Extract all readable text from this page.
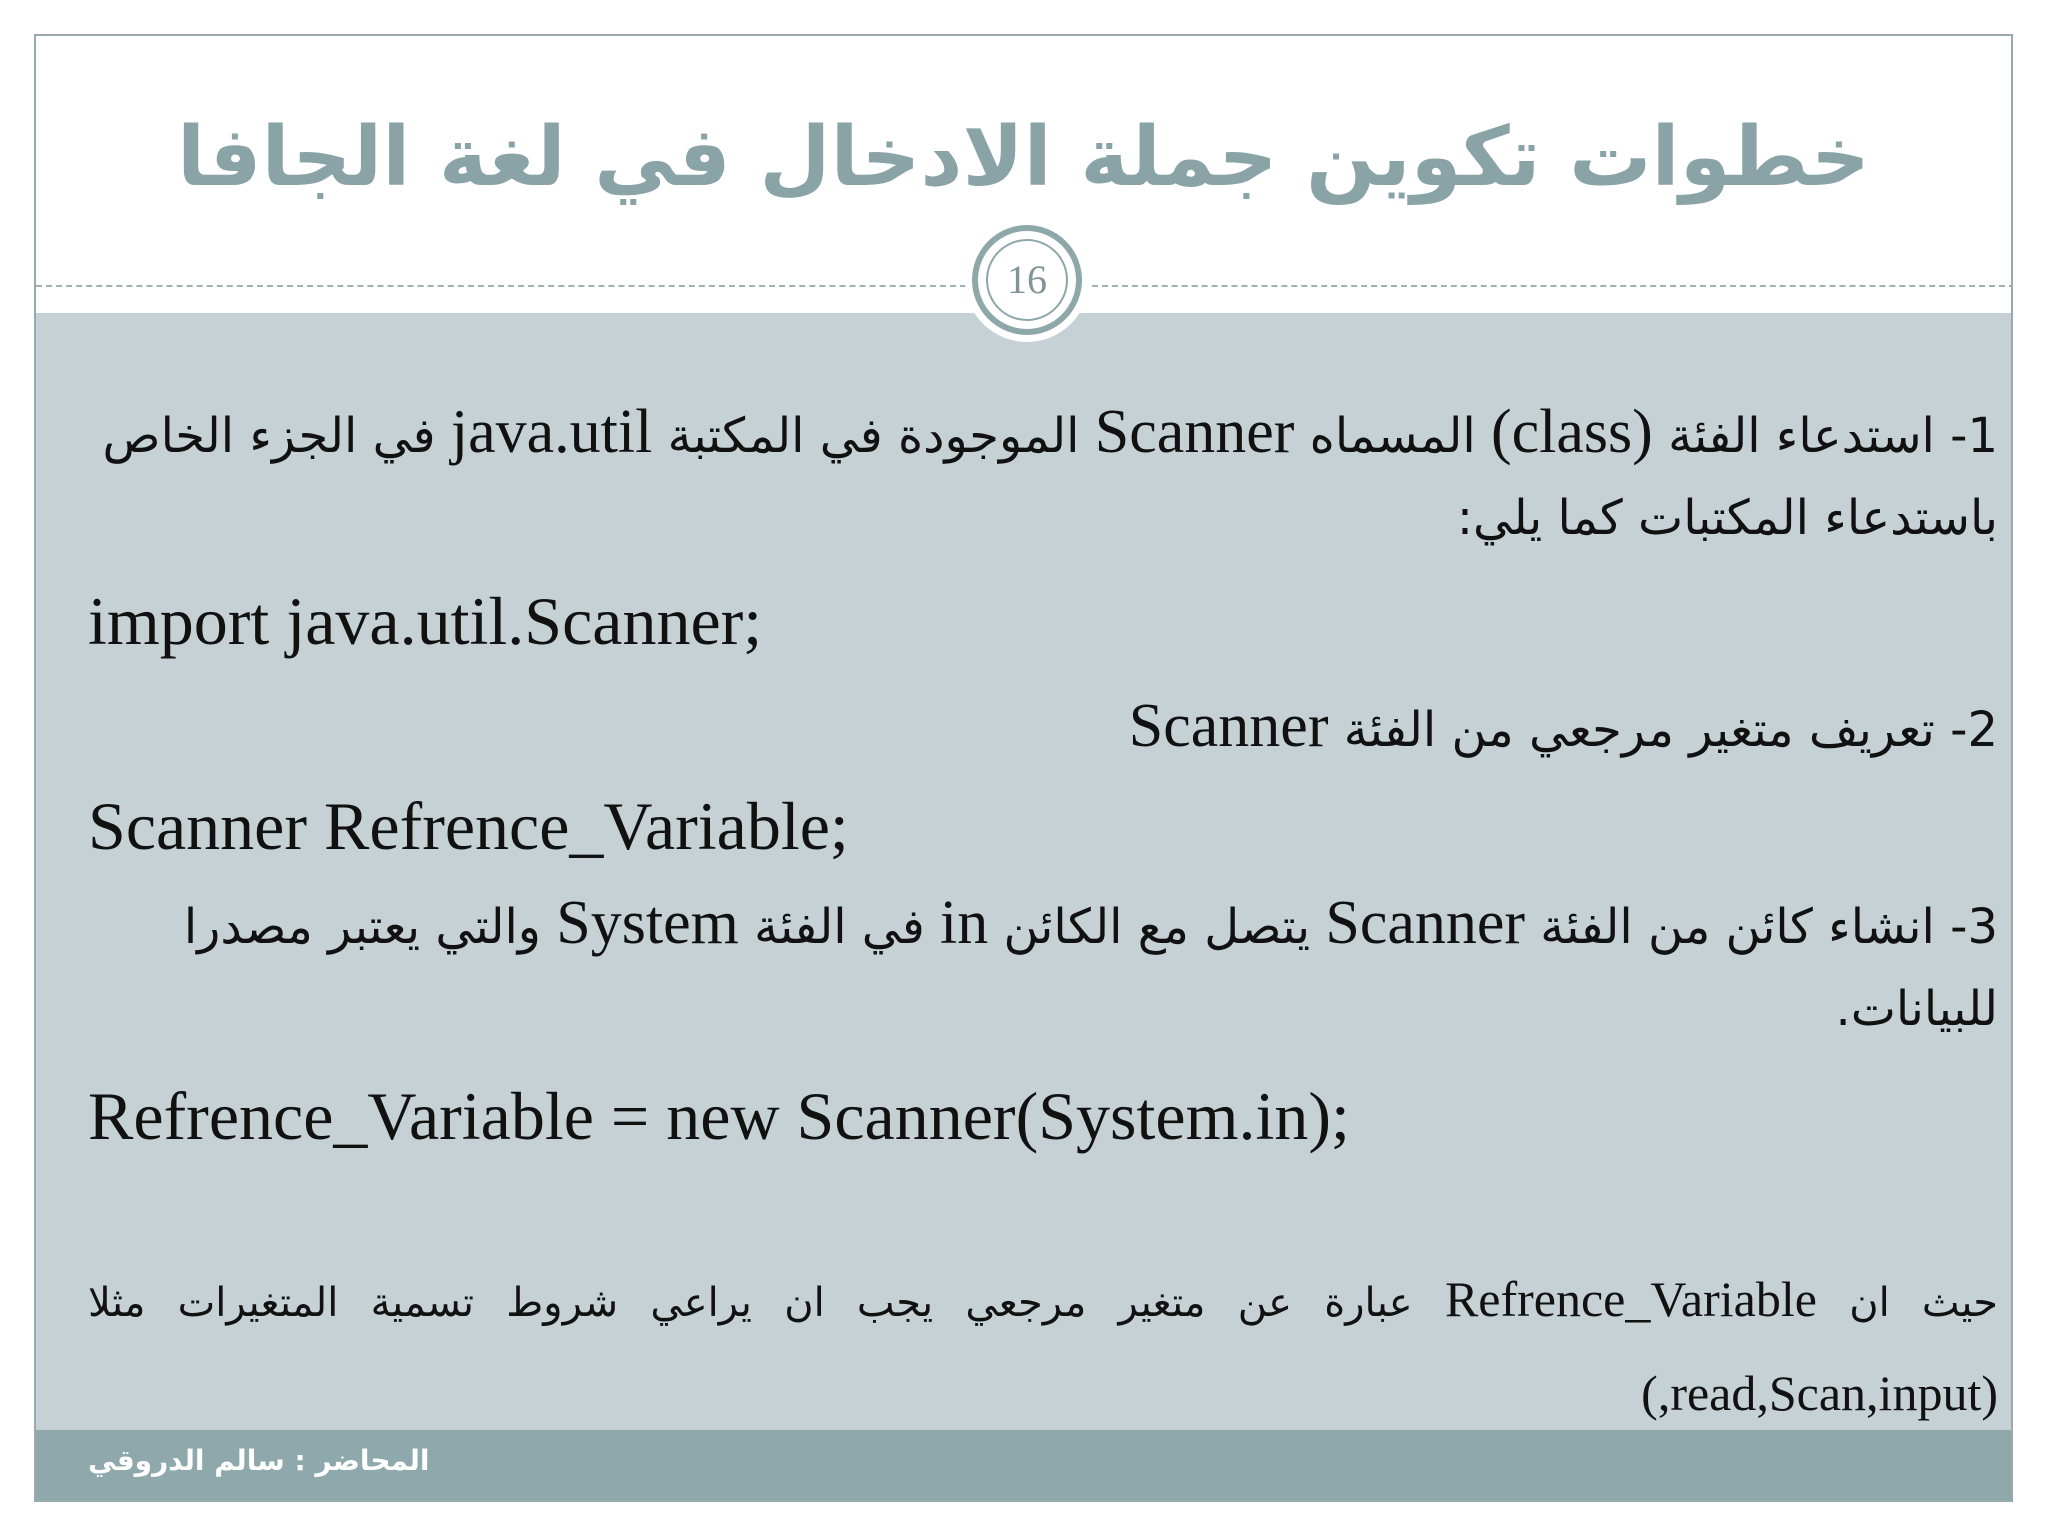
خطوات تكوين جملة الادخال في لغة الجافا
1- استدعاء الفئة (class) المسماه Scanner الموجودة في المكتبة java.util في الجزء الخاص باستدعاء المكتبات كما يلي:
import java.util.Scanner;
2- تعريف متغير مرجعي من الفئة Scanner
Scanner Refrence_Variable;
3- انشاء كائن من الفئة Scanner يتصل مع الكائن in في الفئة System والتي يعتبر مصدرا للبيانات.
Refrence_Variable = new Scanner(System.in);
حيث ان Refrence_Variable عبارة عن متغير مرجعي يجب ان يراعي شروط تسمية المتغيرات مثلا (read,Scan,input,)
16
المحاضر : سالم الدروقي
